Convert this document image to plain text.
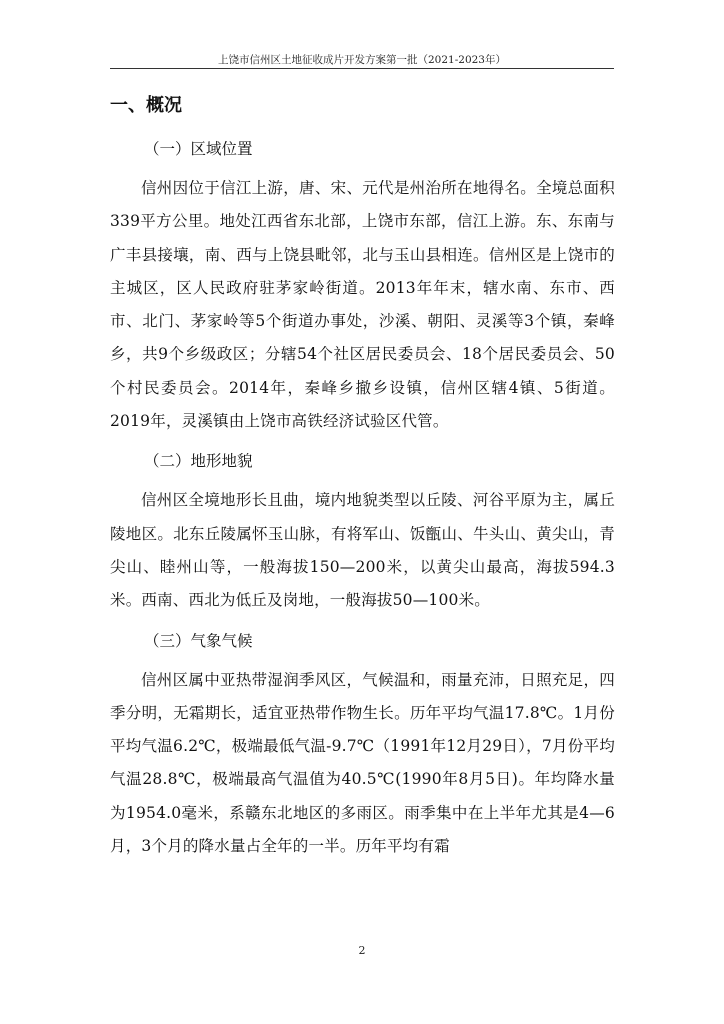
上饶市信州区土地征收成片开发方案第一批（2021-2023年）
一、概况
（一）区域位置

信州因位于信江上游，唐、宋、元代是州治所在地得名。全境总面积339平方公里。地处江西省东北部，上饶市东部，信江上游。东、东南与广丰县接壤，南、西与上饶县毗邻，北与玉山县相连。信州区是上饶市的主城区，区人民政府驻茅家岭街道。2013年年末，辖水南、东市、西市、北门、茅家岭等5个街道办事处，沙溪、朝阳、灵溪等3个镇，秦峰乡，共9个乡级政区；分辖54个社区居民委员会、18个居民委员会、50个村民委员会。2014年，秦峰乡撤乡设镇，信州区辖4镇、5街道。2019年，灵溪镇由上饶市高铁经济试验区代管。

（二）地形地貌

信州区全境地形长且曲，境内地貌类型以丘陵、河谷平原为主，属丘陵地区。北东丘陵属怀玉山脉，有将军山、饭甑山、牛头山、黄尖山，青尖山、睦州山等，一般海拔150—200米，以黄尖山最高，海拔594.3米。西南、西北为低丘及岗地，一般海拔50—100米。

（三）气象气候

信州区属中亚热带湿润季风区，气候温和，雨量充沛，日照充足，四季分明，无霜期长，适宜亚热带作物生长。历年平均气温17.8℃。1月份平均气温6.2℃，极端最低气温-9.7℃（1991年12月29日），7月份平均气温28.8℃，极端最高气温值为40.5℃(1990年8月5日)。年均降水量为1954.0毫米，系赣东北地区的多雨区。雨季集中在上半年尤其是4—6月，3个月的降水量占全年的一半。历年平均有霜

2
